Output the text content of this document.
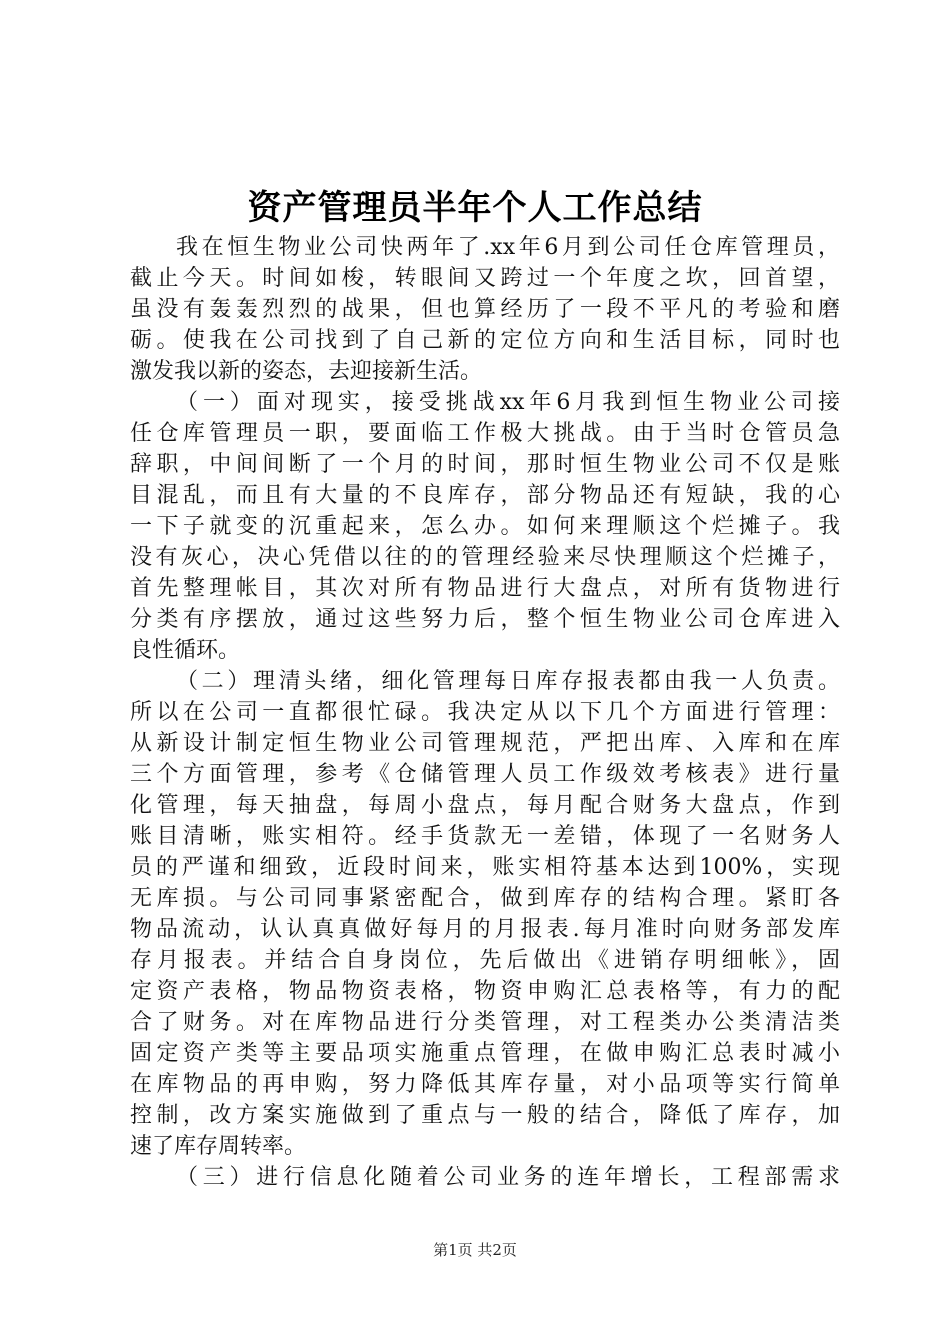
资产管理员半年个人工作总结
我在恒生物业公司快两年了.xx年6月到公司任仓库管理员，
截止今天。时间如梭，转眼间又跨过一个年度之坎，回首望，
虽没有轰轰烈烈的战果，但也算经历了一段不平凡的考验和磨
砺。使我在公司找到了自己新的定位方向和生活目标，同时也
激发我以新的姿态，去迎接新生活。
（一）面对现实，接受挑战xx年6月我到恒生物业公司接
任仓库管理员一职，要面临工作极大挑战。由于当时仓管员急
辞职，中间间断了一个月的时间，那时恒生物业公司不仅是账
目混乱，而且有大量的不良库存，部分物品还有短缺，我的心
一下子就变的沉重起来，怎么办。如何来理顺这个烂摊子。我
没有灰心，决心凭借以往的的管理经验来尽快理顺这个烂摊子，
首先整理帐目，其次对所有物品进行大盘点，对所有货物进行
分类有序摆放，通过这些努力后，整个恒生物业公司仓库进入
良性循环。
（二）理清头绪，细化管理每日库存报表都由我一人负责。
所以在公司一直都很忙碌。我决定从以下几个方面进行管理：
从新设计制定恒生物业公司管理规范，严把出库、入库和在库
三个方面管理，参考《仓储管理人员工作级效考核表》进行量
化管理，每天抽盘，每周小盘点，每月配合财务大盘点，作到
账目清晰，账实相符。经手货款无一差错，体现了一名财务人
员的严谨和细致，近段时间来，账实相符基本达到100%，实现
无库损。与公司同事紧密配合，做到库存的结构合理。紧盯各
物品流动，认认真真做好每月的月报表.每月准时向财务部发库
存月报表。并结合自身岗位，先后做出《进销存明细帐》，固
定资产表格，物品物资表格，物资申购汇总表格等，有力的配
合了财务。对在库物品进行分类管理，对工程类办公类清洁类
固定资产类等主要品项实施重点管理，在做申购汇总表时减小
在库物品的再申购，努力降低其库存量，对小品项等实行简单
控制，改方案实施做到了重点与一般的结合，降低了库存，加
速了库存周转率。
（三）进行信息化随着公司业务的连年增长，工程部需求
第1页 共2页
